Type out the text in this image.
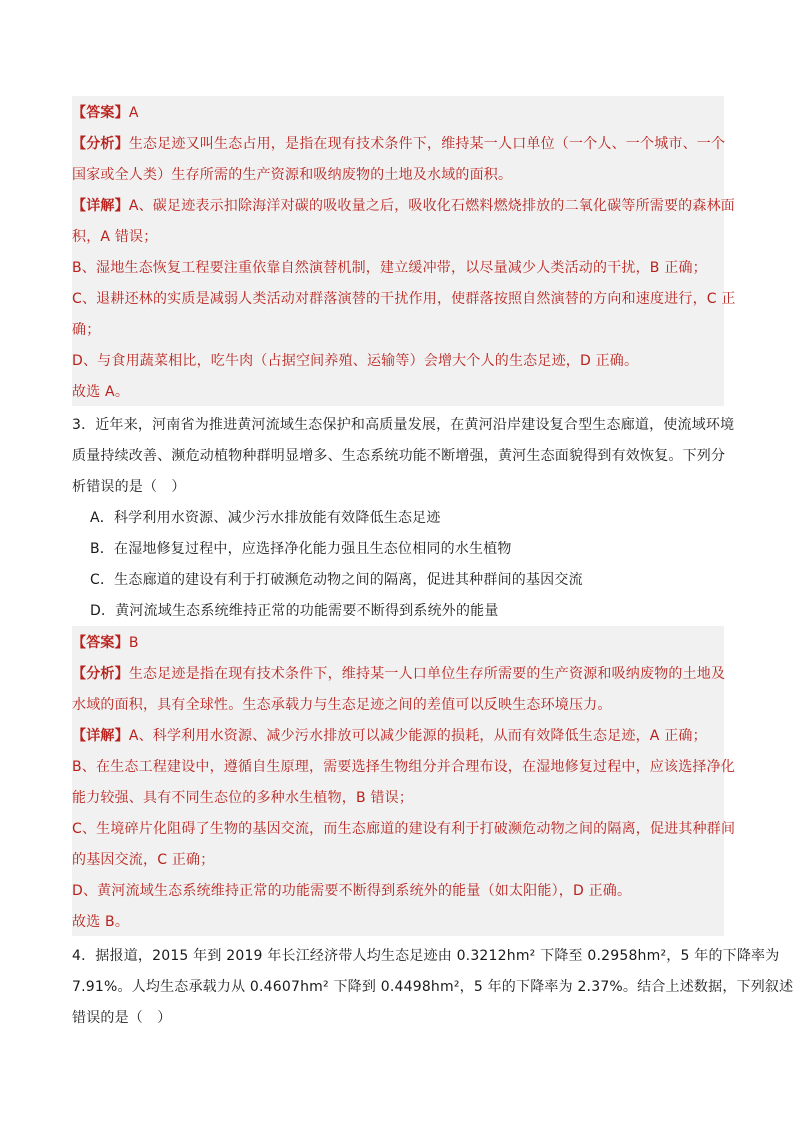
【答案】A
【分析】生态足迹又叫生态占用，是指在现有技术条件下，维持某一人口单位（一个人、一个城市、一个
国家或全人类）生存所需的生产资源和吸纳废物的土地及水域的面积。
【详解】A、碳足迹表示扣除海洋对碳的吸收量之后，吸收化石燃料燃烧排放的二氧化碳等所需要的森林面
积，A 错误；
B、湿地生态恢复工程要注重依靠自然演替机制，建立缓冲带，以尽量减少人类活动的干扰，B 正确；
C、退耕还林的实质是减弱人类活动对群落演替的干扰作用，使群落按照自然演替的方向和速度进行，C 正
确；
D、与食用蔬菜相比，吃牛肉（占据空间养殖、运输等）会增大个人的生态足迹，D 正确。
故选 A。
3．近年来，河南省为推进黄河流域生态保护和高质量发展，在黄河沿岸建设复合型生态廊道，使流域环境
质量持续改善、濒危动植物种群明显增多、生态系统功能不断增强，黄河生态面貌得到有效恢复。下列分
析错误的是（　）
A．科学利用水资源、减少污水排放能有效降低生态足迹
B．在湿地修复过程中，应选择净化能力强且生态位相同的水生植物
C．生态廊道的建设有利于打破濒危动物之间的隔离，促进其种群间的基因交流
D．黄河流域生态系统维持正常的功能需要不断得到系统外的能量
【答案】B
【分析】生态足迹是指在现有技术条件下，维持某一人口单位生存所需要的生产资源和吸纳废物的土地及
水域的面积，具有全球性。生态承载力与生态足迹之间的差值可以反映生态环境压力。
【详解】A、科学利用水资源、减少污水排放可以减少能源的损耗，从而有效降低生态足迹，A 正确；
B、在生态工程建设中，遵循自生原理，需要选择生物组分并合理布设，在湿地修复过程中，应该选择净化
能力较强、具有不同生态位的多种水生植物，B 错误；
C、生境碎片化阻碍了生物的基因交流，而生态廊道的建设有利于打破濒危动物之间的隔离，促进其种群间
的基因交流，C 正确；
D、黄河流域生态系统维持正常的功能需要不断得到系统外的能量（如太阳能），D 正确。
故选 B。
4．据报道，2015 年到 2019 年长江经济带人均生态足迹由 0.3212hm² 下降至 0.2958hm²，5 年的下降率为
7.91%。人均生态承载力从 0.4607hm² 下降到 0.4498hm²，5 年的下降率为 2.37%。结合上述数据，下列叙述
错误的是（　）
